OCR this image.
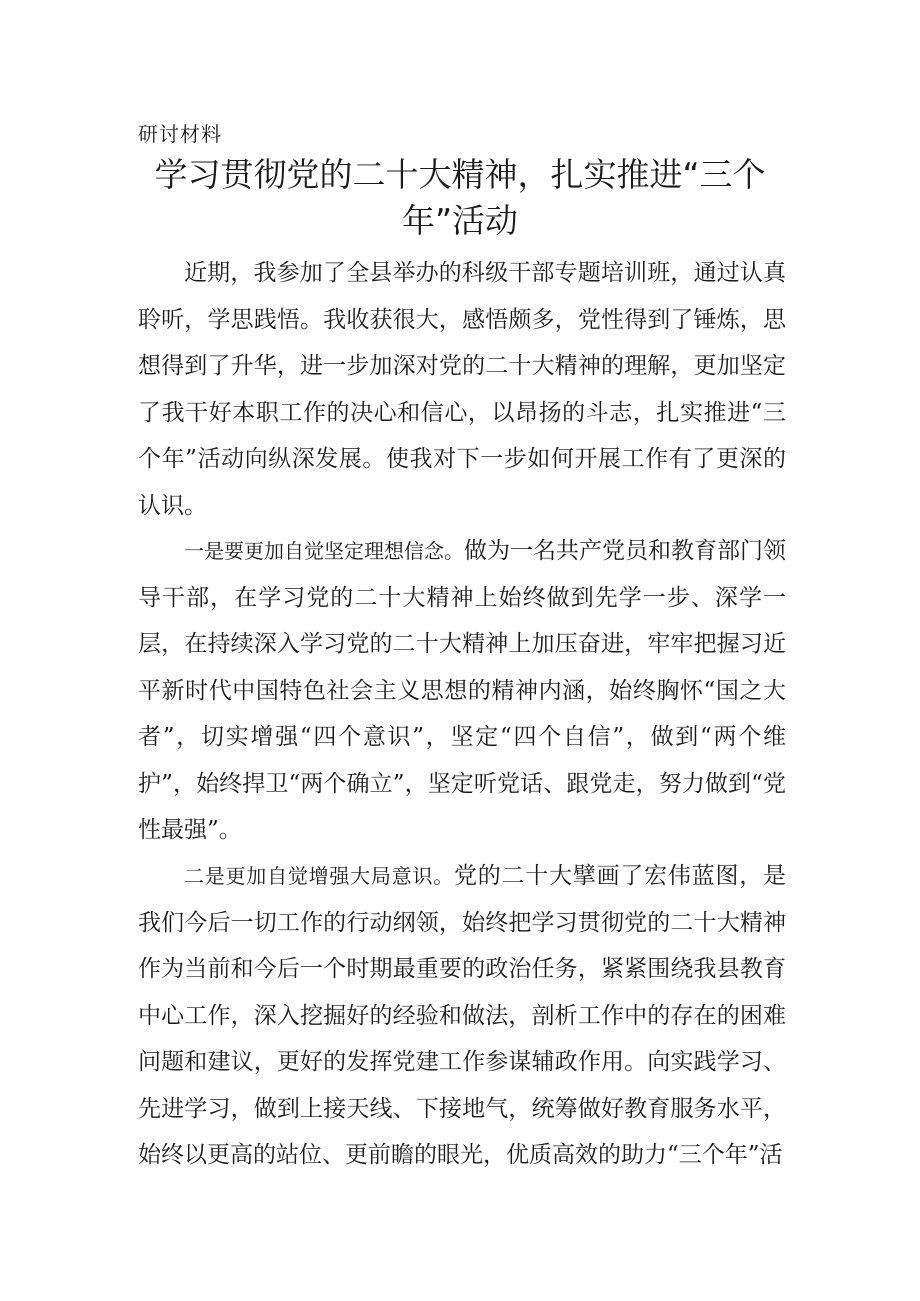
研讨材料

学习贯彻党的二十大精神，扎实推进“三个
年”活动

近期，我参加了全县举办的科级干部专题培训班，通过认真聆听，学思践悟。我收获很大，感悟颇多，党性得到了锤炼，思想得到了升华，进一步加深对党的二十大精神的理解，更加坚定了我干好本职工作的决心和信心，以昂扬的斗志，扎实推进“三个年”活动向纵深发展。使我对下一步如何开展工作有了更深的认识。

一是要更加自觉坚定理想信念。做为一名共产党员和教育部门领导干部，在学习党的二十大精神上始终做到先学一步、深学一层，在持续深入学习党的二十大精神上加压奋进，牢牢把握习近平新时代中国特色社会主义思想的精神内涵，始终胸怀“国之大者”，切实增强“四个意识”，坚定“四个自信”，做到“两个维护”，始终捍卫“两个确立”，坚定听党话、跟党走，努力做到“党性最强”。

二是更加自觉增强大局意识。党的二十大擘画了宏伟蓝图，是我们今后一切工作的行动纲领，始终把学习贯彻党的二十大精神作为当前和今后一个时期最重要的政治任务，紧紧围绕我县教育中心工作，深入挖掘好的经验和做法，剖析工作中的存在的困难问题和建议，更好的发挥党建工作参谋辅政作用。向实践学习、先进学习，做到上接天线、下接地气，统筹做好教育服务水平，始终以更高的站位、更前瞻的眼光，优质高效的助力“三个年”活
